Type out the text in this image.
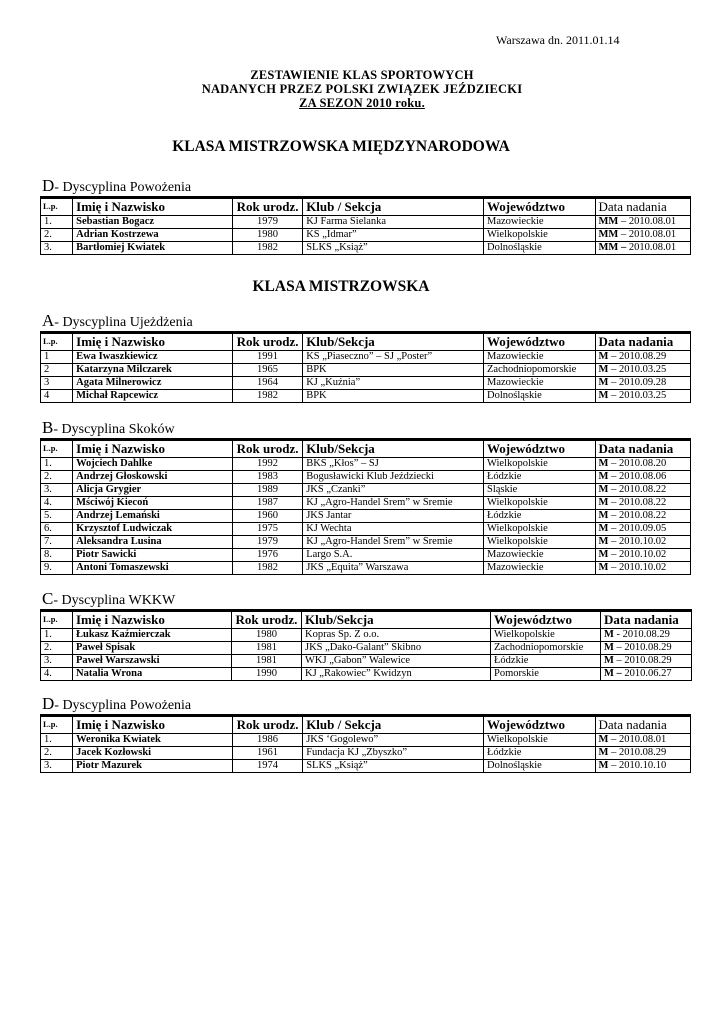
Warszawa dn. 2011.01.14
ZESTAWIENIE KLAS SPORTOWYCH
NADANYCH PRZEZ POLSKI ZWIĄZEK JEŹDZIECKI
ZA SEZON 2010 roku.
KLASA MISTRZOWSKA MIĘDZYNARODOWA
KLASA MISTRZOWSKA
D- Dyscyplina Powożenia
L.p.	Imię i Nazwisko	Rok urodz.	Klub / Sekcja	Województwo	Data nadania
1.	Sebastian Bogacz	1979	KJ Farma Sielanka	Mazowieckie	MM – 2010.08.01
2.	Adrian Kostrzewa	1980	KS „Idmar”	Wielkopolskie	MM – 2010.08.01
3.	Bartłomiej Kwiatek	1982	SLKS „Książ”	Dolnośląskie	MM – 2010.08.01
A- Dyscyplina Ujeżdżenia
L.p.	Imię i Nazwisko	Rok urodz.	Klub/Sekcja	Województwo	Data nadania
1	Ewa Iwaszkiewicz	1991	KS „Piaseczno” – SJ „Poster”	Mazowieckie	M – 2010.08.29
2	Katarzyna Milczarek	1965	BPK	Zachodniopomorskie	M – 2010.03.25
3	Agata Milnerowicz	1964	KJ „Kuźnia”	Mazowieckie	M – 2010.09.28
4	Michał Rapcewicz	1982	BPK	Dolnośląskie	M – 2010.03.25
B- Dyscyplina Skoków
L.p.	Imię i Nazwisko	Rok urodz.	Klub/Sekcja	Województwo	Data nadania
1.	Wojciech Dahlke	1992	BKS „Kłos” – SJ	Wielkopolskie	M – 2010.08.20
2.	Andrzej Głoskowski	1983	Bogusławicki Klub Jeździecki	Łódzkie	M – 2010.08.06
3.	Alicja Grygier	1989	JKS „Czanki”	Śląskie	M – 2010.08.22
4.	Mściwój Kiecoń	1987	KJ „Agro-Handel Śrem” w Śremie	Wielkopolskie	M – 2010.08.22
5.	Andrzej Lemański	1960	JKS Jantar	Łódzkie	M – 2010.08.22
6.	Krzysztof Ludwiczak	1975	KJ Wechta	Wielkopolskie	M – 2010.09.05
7.	Aleksandra Lusina	1979	KJ „Agro-Handel Śrem” w Śremie	Wielkopolskie	M – 2010.10.02
8.	Piotr Sawicki	1976	Largo S.A.	Mazowieckie	M – 2010.10.02
9.	Antoni Tomaszewski	1982	JKS „Equita” Warszawa	Mazowieckie	M – 2010.10.02
C- Dyscyplina WKKW
L.p.	Imię i Nazwisko	Rok urodz.	Klub/Sekcja	Województwo	Data nadania
1.	Łukasz Kaźmierczak	1980	Kopras Sp. Z o.o.	Wielkopolskie	M - 2010.08.29
2.	Paweł Spisak	1981	JKS „Dako-Galant” Skibno	Zachodniopomorskie	M – 2010.08.29
3.	Paweł Warszawski	1981	WKJ „Gabon” Walewice	Łódzkie	M – 2010.08.29
4.	Natalia Wrona	1990	KJ „Rakowiec” Kwidzyn	Pomorskie	M – 2010.06.27
D- Dyscyplina Powożenia
L.p.	Imię i Nazwisko	Rok urodz.	Klub / Sekcja	Województwo	Data nadania
1.	Weronika Kwiatek	1986	JKS ‘Gogolewo”	Wielkopolskie	M – 2010.08.01
2.	Jacek Kozłowski	1961	Fundacja KJ „Zbyszko”	Łódzkie	M – 2010.08.29
3.	Piotr Mazurek	1974	SLKS „Książ”	Dolnośląskie	M – 2010.10.10
